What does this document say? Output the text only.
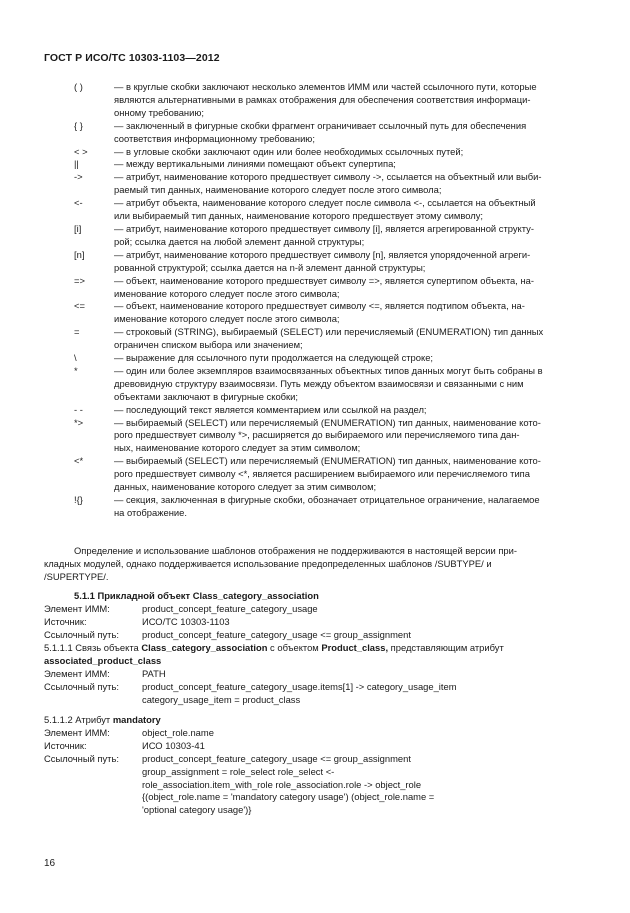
ГОСТ Р ИСО/ТС 10303-1103—2012
( )	— в круглые скобки заключают несколько элементов ИММ или частей ссылочного пути, которые
являются альтернативными в рамках отображения для обеспечения соответствия информаци-
онному требованию;
{ }	— заключенный в фигурные скобки фрагмент ограничивает ссылочный путь для обеспечения
соответствия информационному требованию;
< >	— в угловые скобки заключают один или более необходимых ссылочных путей;
||	— между вертикальными линиями помещают объект супертипа;
->	— атрибут, наименование которого предшествует символу ->, ссылается на объектный или выби-
раемый тип данных, наименование которого следует после этого символа;
<-	— атрибут объекта, наименование которого следует после символа <-, ссылается на объектный
или выбираемый тип данных, наименование которого предшествует этому символу;
[i]	— атрибут, наименование которого предшествует символу [i], является агрегированной структу-
рой; ссылка дается на любой элемент данной структуры;
[n]	— атрибут, наименование которого предшествует символу [n], является упорядоченной агреги-
рованной структурой; ссылка дается на n-й элемент данной структуры;
=>	— объект, наименование которого предшествует символу =>, является супертипом объекта, на-
именование которого следует после этого символа;
<=	— объект, наименование которого предшествует символу <=, является подтипом объекта, на-
именование которого следует после этого символа;
=	— строковый (STRING), выбираемый (SELECT) или перечисляемый (ENUMERATION) тип данных
ограничен списком выбора или значением;
\	— выражение для ссылочного пути продолжается на следующей строке;
*	— один или более экземпляров взаимосвязанных объектных типов данных могут быть собраны в
древовидную структуру взаимосвязи. Путь между объектом взаимосвязи и связанными с ним
объектами заключают в фигурные скобки;
- -	— последующий текст является комментарием или ссылкой на раздел;
*>	— выбираемый (SELECT) или перечисляемый (ENUMERATION) тип данных, наименование кото-
рого предшествует символу *>, расширяется до выбираемого или перечисляемого типа дан-
ных, наименование которого следует за этим символом;
<*	— выбираемый (SELECT) или перечисляемый (ENUMERATION) тип данных, наименование кото-
рого предшествует символу <*, является расширением выбираемого или перечисляемого типа
данных, наименование которого следует за этим символом;
!{}	— секция, заключенная в фигурные скобки, обозначает отрицательное ограничение, налагаемое
на отображение.
Определение и использование шаблонов отображения не поддерживаются в настоящей версии при-
кладных модулей, однако поддерживается использование предопределенных шаблонов /SUBTYPE/ и
/SUPERTYPE/.
5.1.1 Прикладной объект Class_category_association
Элемент ИММ:	product_concept_feature_category_usage
Источник:	ИСО/ТС 10303-1103
Ссылочный путь:	product_concept_feature_category_usage <= group_assignment
5.1.1.1 Связь объекта Class_category_association с объектом Product_class, представляющим атрибут
associated_product_class
Элемент ИММ:	PATH
Ссылочный путь:	product_concept_feature_category_usage.items[1] -> category_usage_item
category_usage_item = product_class
5.1.1.2 Атрибут mandatory
Элемент ИММ:	object_role.name
Источник:	ИСО 10303-41
Ссылочный путь:	product_concept_feature_category_usage <= group_assignment
group_assignment = role_select role_select <-
role_association.item_with_role role_association.role -> object_role
{(object_role.name = 'mandatory category usage') (object_role.name =
'optional category usage')}
16
